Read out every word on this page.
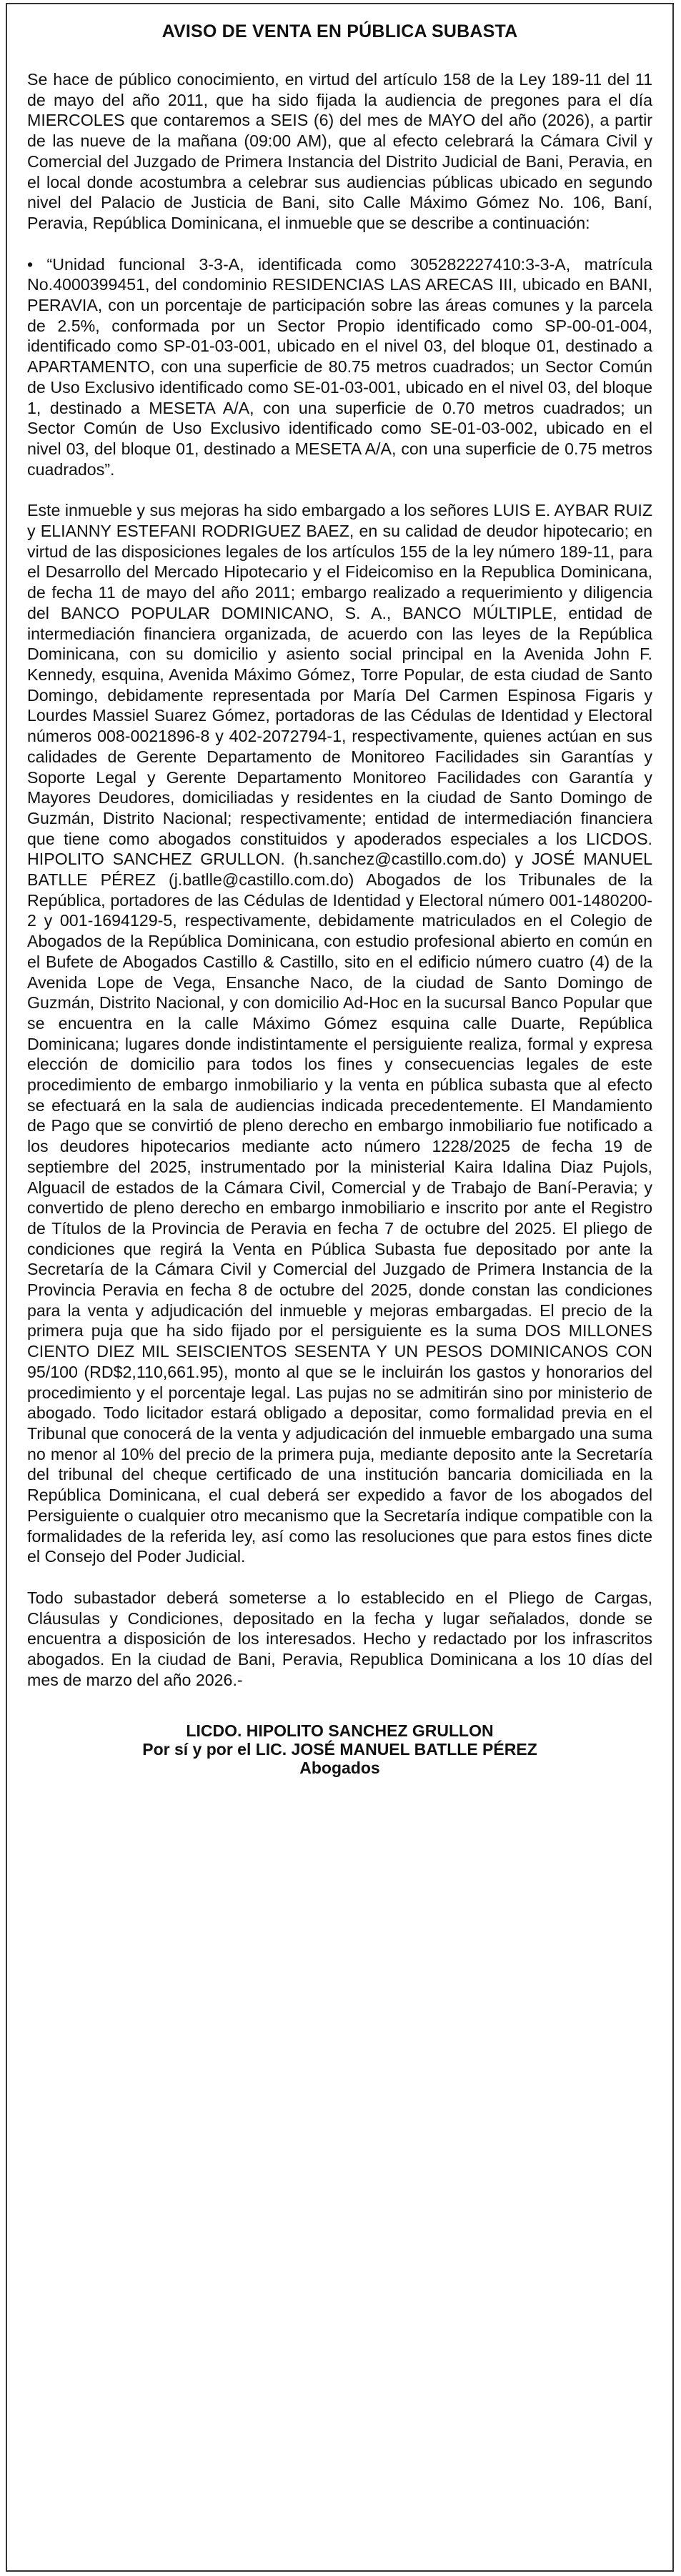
AVISO DE VENTA EN PÚBLICA SUBASTA

Se hace de público conocimiento, en virtud del artículo 158 de la Ley 189-11 del 11 de mayo del año 2011, que ha sido fijada la audiencia de pregones para el día MIERCOLES que contaremos a SEIS (6) del mes de MAYO del año (2026), a partir de las nueve de la mañana (09:00 AM), que al efecto celebrará la Cámara Civil y Comercial del Juzgado de Primera Instancia del Distrito Judicial de Bani, Peravia, en el local donde acostumbra a celebrar sus audiencias públicas ubicado en segundo nivel del Palacio de Justicia de Bani, sito Calle Máximo Gómez No. 106, Baní, Peravia, República Dominicana, el inmueble que se describe a continuación:

• “Unidad funcional 3-3-A, identificada como 305282227410:3-3-A, matrícula No.4000399451, del condominio RESIDENCIAS LAS ARECAS III, ubicado en BANI, PERAVIA, con un porcentaje de participación sobre las áreas comunes y la parcela de 2.5%, conformada por un Sector Propio identificado como SP-00-01-004, identificado como SP-01-03-001, ubicado en el nivel 03, del bloque 01, destinado a APARTAMENTO, con una superficie de 80.75 metros cuadrados; un Sector Común de Uso Exclusivo identificado como SE-01-03-001, ubicado en el nivel 03, del bloque 1, destinado a MESETA A/A, con una superficie de 0.70 metros cuadrados; un Sector Común de Uso Exclusivo identificado como SE-01-03-002, ubicado en el nivel 03, del bloque 01, destinado a MESETA A/A, con una superficie de 0.75 metros cuadrados”.

Este inmueble y sus mejoras ha sido embargado a los señores LUIS E. AYBAR RUIZ y ELIANNY ESTEFANI RODRIGUEZ BAEZ, en su calidad de deudor hipotecario; en virtud de las disposiciones legales de los artículos 155 de la ley número 189-11, para el Desarrollo del Mercado Hipotecario y el Fideicomiso en la Republica Dominicana, de fecha 11 de mayo del año 2011; embargo realizado a requerimiento y diligencia del BANCO POPULAR DOMINICANO, S. A., BANCO MÚLTIPLE, entidad de intermediación financiera organizada, de acuerdo con las leyes de la República Dominicana, con su domicilio y asiento social principal en la Avenida John F. Kennedy, esquina, Avenida Máximo Gómez, Torre Popular, de esta ciudad de Santo Domingo, debidamente representada por María Del Carmen Espinosa Figaris y Lourdes Massiel Suarez Gómez, portadoras de las Cédulas de Identidad y Electoral números 008-0021896-8 y 402-2072794-1, respectivamente, quienes actúan en sus calidades de Gerente Departamento de Monitoreo Facilidades sin Garantías y Soporte Legal y Gerente Departamento Monitoreo Facilidades con Garantía y Mayores Deudores, domiciliadas y residentes en la ciudad de Santo Domingo de Guzmán, Distrito Nacional; respectivamente; entidad de intermediación financiera que tiene como abogados constituidos y apoderados especiales a los LICDOS. HIPOLITO SANCHEZ GRULLON. (h.sanchez@castillo.com.do) y JOSÉ MANUEL BATLLE PÉREZ (j.batlle@castillo.com.do) Abogados de los Tribunales de la República, portadores de las Cédulas de Identidad y Electoral número 001-1480200-2 y 001-1694129-5, respectivamente, debidamente matriculados en el Colegio de Abogados de la República Dominicana, con estudio profesional abierto en común en el Bufete de Abogados Castillo & Castillo, sito en el edificio número cuatro (4) de la Avenida Lope de Vega, Ensanche Naco, de la ciudad de Santo Domingo de Guzmán, Distrito Nacional, y con domicilio Ad-Hoc en la sucursal Banco Popular que se encuentra en la calle Máximo Gómez esquina calle Duarte, República Dominicana; lugares donde indistintamente el persiguiente realiza, formal y expresa elección de domicilio para todos los fines y consecuencias legales de este procedimiento de embargo inmobiliario y la venta en pública subasta que al efecto se efectuará en la sala de audiencias indicada precedentemente. El Mandamiento de Pago que se convirtió de pleno derecho en embargo inmobiliario fue notificado a los deudores hipotecarios mediante acto número 1228/2025 de fecha 19 de septiembre del 2025, instrumentado por la ministerial Kaira Idalina Diaz Pujols, Alguacil de estados de la Cámara Civil, Comercial y de Trabajo de Baní-Peravia; y convertido de pleno derecho en embargo inmobiliario e inscrito por ante el Registro de Títulos de la Provincia de Peravia en fecha 7 de octubre del 2025. El pliego de condiciones que regirá la Venta en Pública Subasta fue depositado por ante la Secretaría de la Cámara Civil y Comercial del Juzgado de Primera Instancia de la Provincia Peravia en fecha 8 de octubre del 2025, donde constan las condiciones para la venta y adjudicación del inmueble y mejoras embargadas. El precio de la primera puja que ha sido fijado por el persiguiente es la suma DOS MILLONES CIENTO DIEZ MIL SEISCIENTOS SESENTA Y UN PESOS DOMINICANOS CON 95/100 (RD$2,110,661.95), monto al que se le incluirán los gastos y honorarios del procedimiento y el porcentaje legal. Las pujas no se admitirán sino por ministerio de abogado. Todo licitador estará obligado a depositar, como formalidad previa en el Tribunal que conocerá de la venta y adjudicación del inmueble embargado una suma no menor al 10% del precio de la primera puja, mediante deposito ante la Secretaría del tribunal del cheque certificado de una institución bancaria domiciliada en la República Dominicana, el cual deberá ser expedido a favor de los abogados del Persiguiente o cualquier otro mecanismo que la Secretaría indique compatible con la formalidades de la referida ley, así como las resoluciones que para estos fines dicte el Consejo del Poder Judicial.

Todo subastador deberá someterse a lo establecido en el Pliego de Cargas, Cláusulas y Condiciones, depositado en la fecha y lugar señalados, donde se encuentra a disposición de los interesados. Hecho y redactado por los infrascritos abogados. En la ciudad de Bani, Peravia, Republica Dominicana a los 10 días del mes de marzo del año 2026.-

LICDO. HIPOLITO SANCHEZ GRULLON
Por sí y por el LIC. JOSÉ MANUEL BATLLE PÉREZ
Abogados
